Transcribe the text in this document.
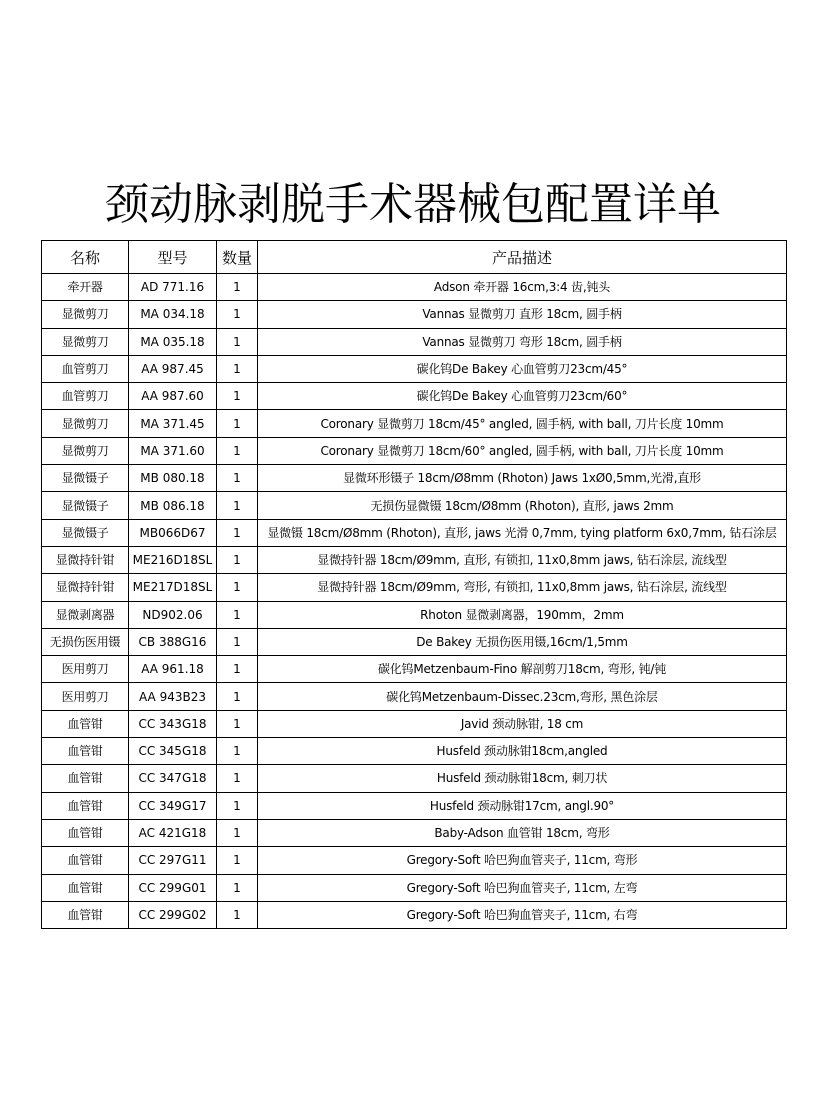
颈动脉剥脱手术器械包配置详单
名称	型号	数量	产品描述
牵开器	AD 771.16	1	Adson 牵开器 16cm,3:4 齿,钝头
显微剪刀	MA 034.18	1	Vannas 显微剪刀 直形 18cm, 圆手柄
显微剪刀	MA 035.18	1	Vannas 显微剪刀 弯形 18cm, 圆手柄
血管剪刀	AA 987.45	1	碳化钨De Bakey 心血管剪刀23cm/45°
血管剪刀	AA 987.60	1	碳化钨De Bakey 心血管剪刀23cm/60°
显微剪刀	MA 371.45	1	Coronary 显微剪刀 18cm/45° angled, 圆手柄, with ball, 刀片长度 10mm
显微剪刀	MA 371.60	1	Coronary 显微剪刀 18cm/60° angled, 圆手柄, with ball, 刀片长度 10mm
显微镊子	MB 080.18	1	显微环形镊子 18cm/Ø8mm (Rhoton) Jaws 1xØ0,5mm,光滑,直形
显微镊子	MB 086.18	1	无损伤显微镊 18cm/Ø8mm (Rhoton), 直形, jaws 2mm
显微镊子	MB066D67	1	显微镊 18cm/Ø8mm (Rhoton), 直形, jaws 光滑 0,7mm, tying platform 6x0,7mm, 钻石涂层
显微持针钳	ME216D18SL	1	显微持针器 18cm/Ø9mm, 直形, 有锁扣, 11x0,8mm jaws, 钻石涂层, 流线型
显微持针钳	ME217D18SL	1	显微持针器 18cm/Ø9mm, 弯形, 有锁扣, 11x0,8mm jaws, 钻石涂层, 流线型
显微剥离器	ND902.06	1	Rhoton 显微剥离器，190mm，2mm
无损伤医用镊	CB 388G16	1	De Bakey 无损伤医用镊,16cm/1,5mm
医用剪刀	AA 961.18	1	碳化钨Metzenbaum-Fino 解剖剪刀18cm, 弯形, 钝/钝
医用剪刀	AA 943B23	1	碳化钨Metzenbaum-Dissec.23cm,弯形, 黑色涂层
血管钳	CC 343G18	1	Javid 颈动脉钳, 18 cm
血管钳	CC 345G18	1	Husfeld 颈动脉钳18cm,angled
血管钳	CC 347G18	1	Husfeld 颈动脉钳18cm, 刺刀状
血管钳	CC 349G17	1	Husfeld 颈动脉钳17cm, angl.90°
血管钳	AC 421G18	1	Baby-Adson 血管钳 18cm, 弯形
血管钳	CC 297G11	1	Gregory-Soft 哈巴狗血管夹子, 11cm, 弯形
血管钳	CC 299G01	1	Gregory-Soft 哈巴狗血管夹子, 11cm, 左弯
血管钳	CC 299G02	1	Gregory-Soft 哈巴狗血管夹子, 11cm, 右弯
